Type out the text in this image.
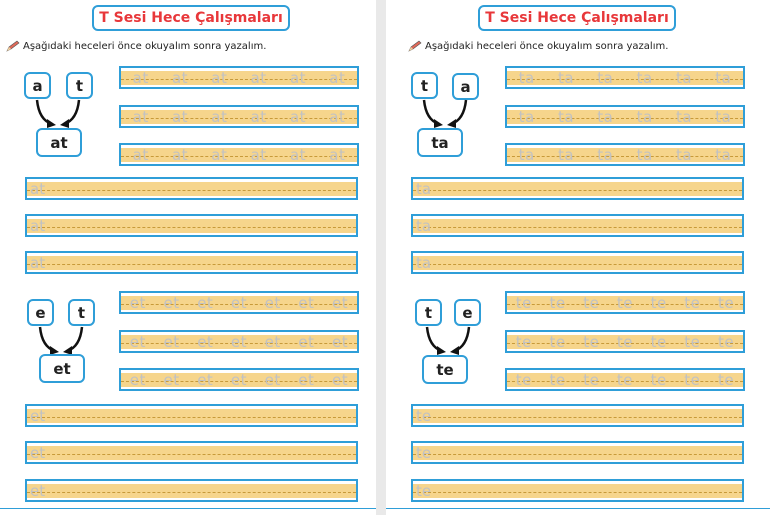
T Sesi Hece Çalışmaları
Aşağıdaki heceleri önce okuyalım sonra yazalım.
a	t
at
at at at at at at
at at at at at at
at at at at at at
at
at
at
e	t
et
et et et et et et et
et et et et et et et
et et et et et et et
et
et
et
T Sesi Hece Çalışmaları
Aşağıdaki heceleri önce okuyalım sonra yazalım.
t	a
ta
ta ta ta ta ta ta
ta ta ta ta ta ta
ta ta ta ta ta ta
ta
ta
ta
t	e
te
te te te te te te te
te te te te te te te
te te te te te te te
te
te
te
